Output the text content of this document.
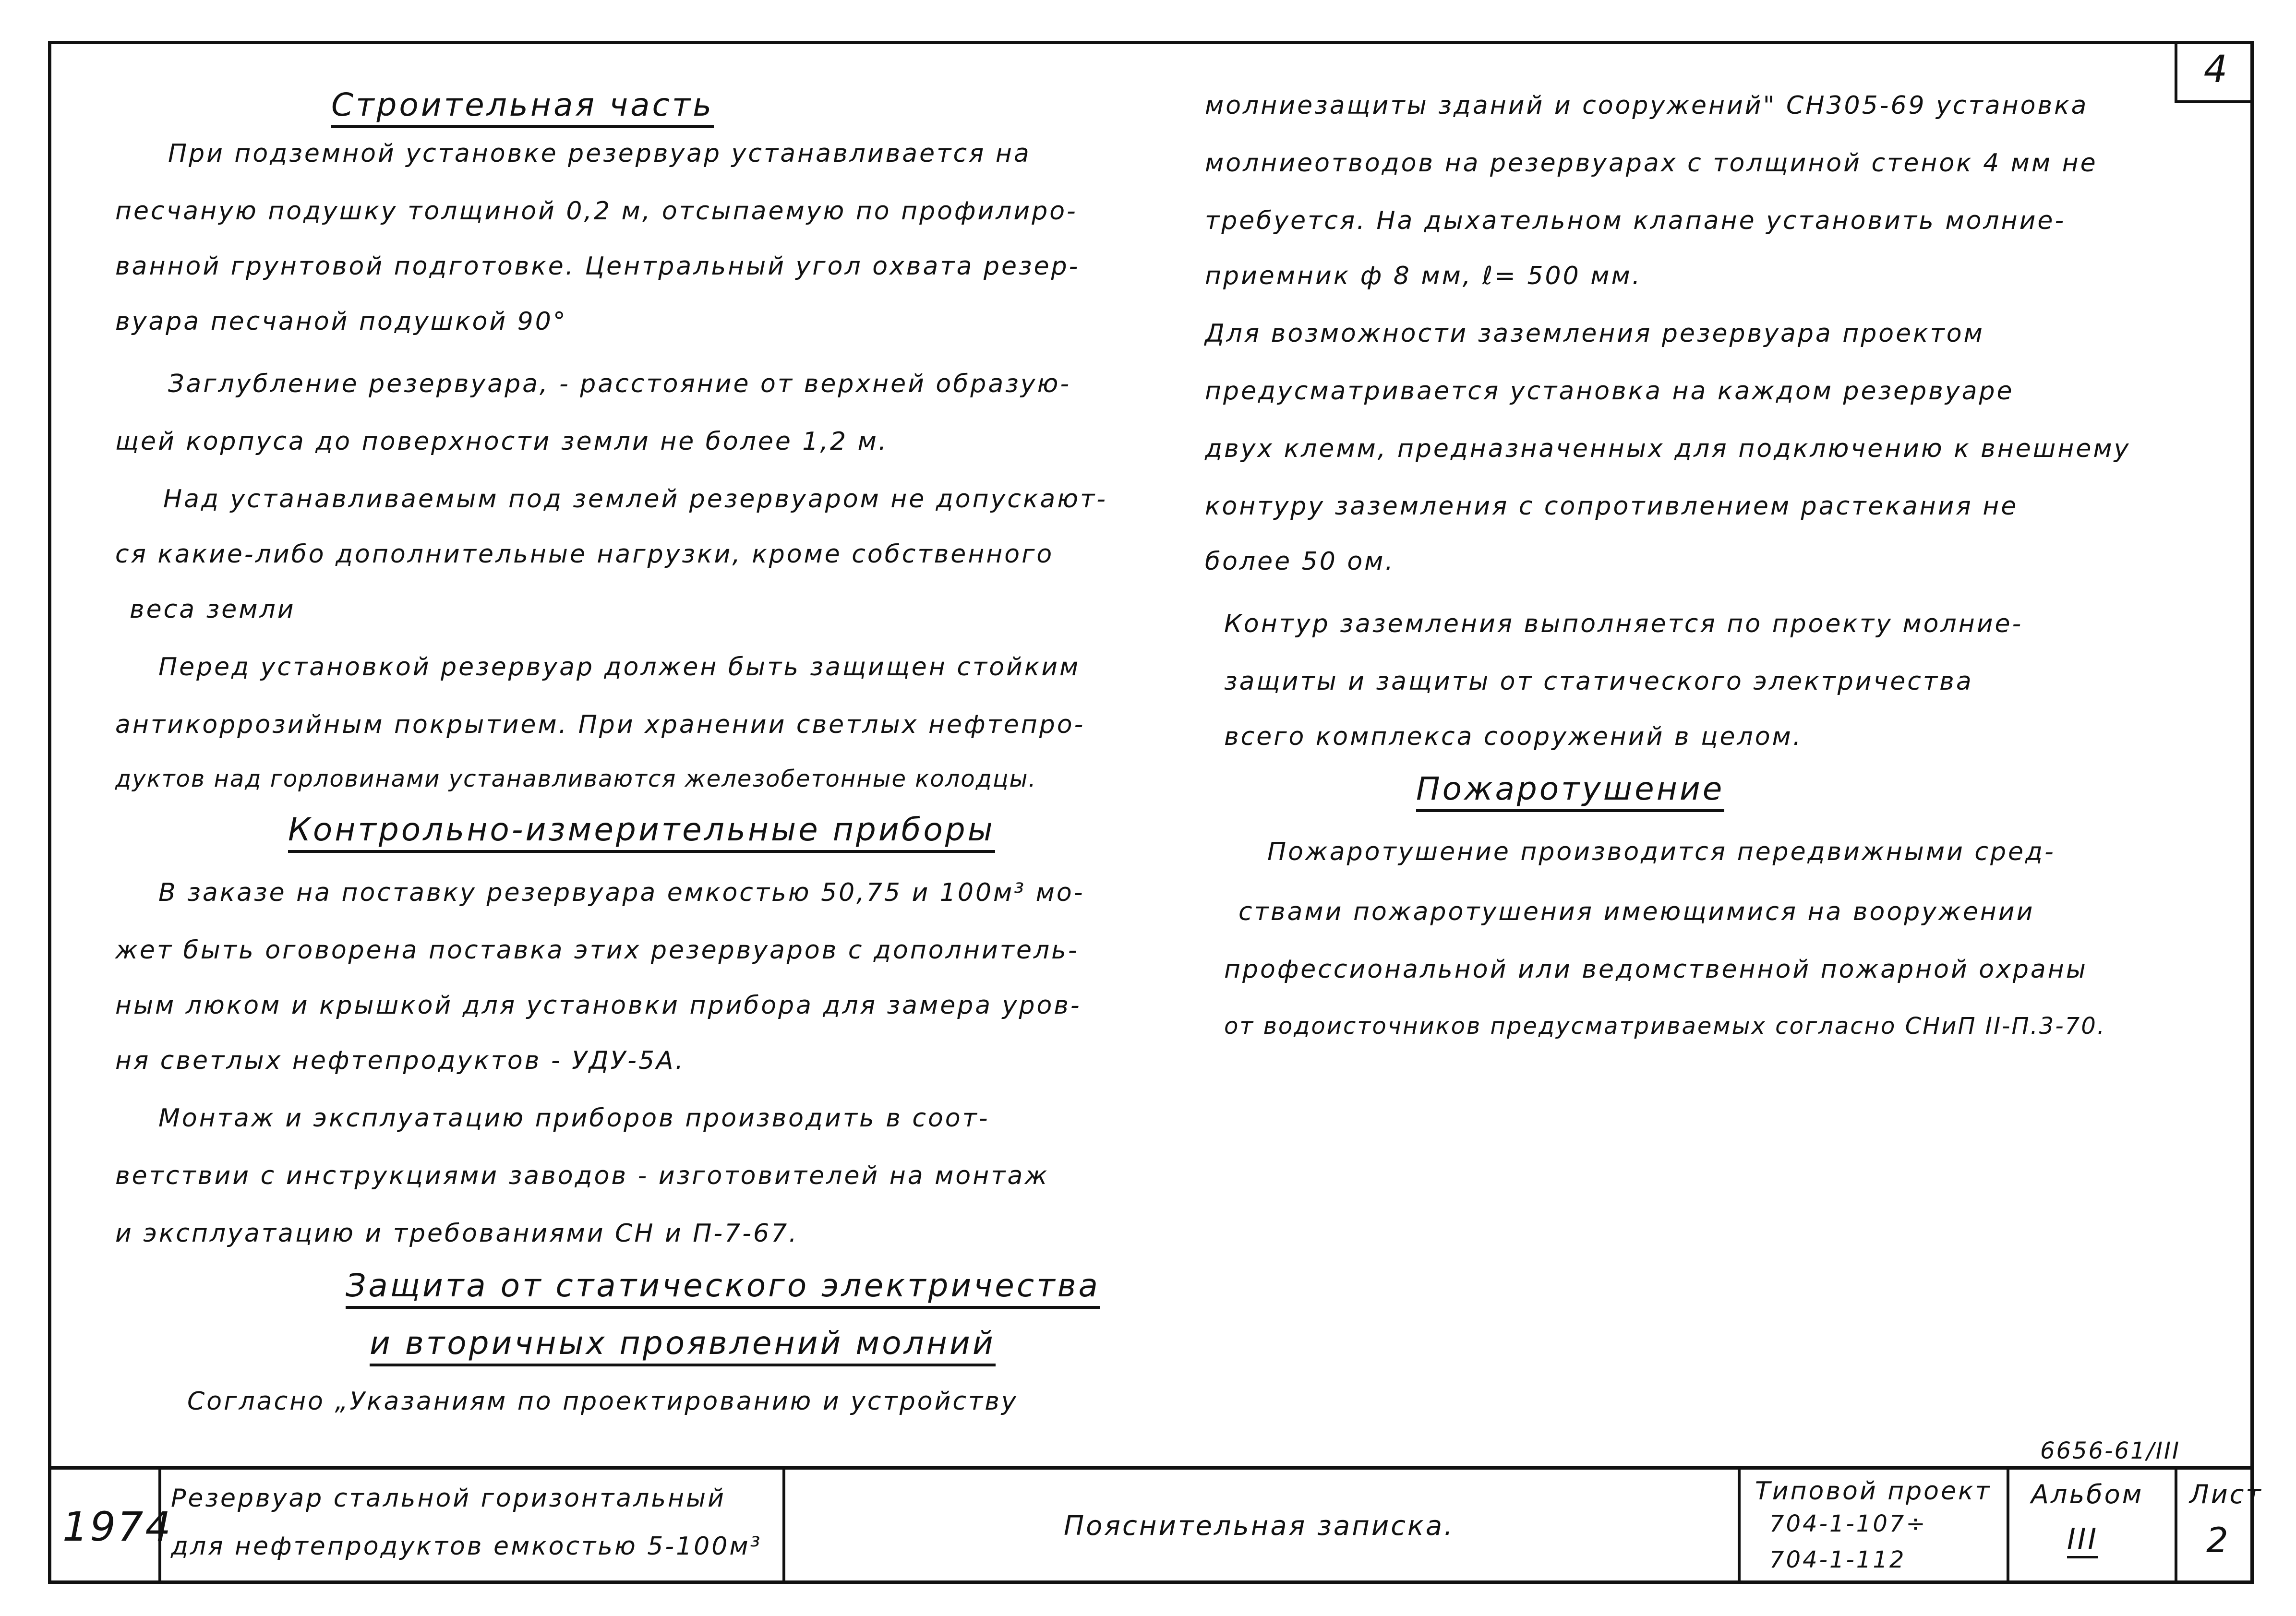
4
Строительная часть
При подземной установке резервуар устанавливается на
песчаную подушку толщиной 0,2 м, отсыпаемую по профилиро-
ванной грунтовой подготовке. Центральный угол охвата резер-
вуара песчаной подушкой 90°
Заглубление резервуара, - расстояние от верхней образую-
щей корпуса до поверхности земли не более 1,2 м.
Над устанавливаемым под землей резервуаром не допускают-
ся какие-либо дополнительные нагрузки, кроме собственного
веса земли
Перед установкой резервуар должен быть защищен стойким
антикоррозийным покрытием. При хранении светлых нефтепро-
дуктов над горловинами устанавливаются железобетонные колодцы.
Контрольно-измерительные приборы
В заказе на поставку резервуара емкостью 50,75 и 100м³ мо-
жет быть оговорена поставка этих резервуаров с дополнитель-
ным люком и крышкой для установки прибора для замера уров-
ня светлых нефтепродуктов - УДУ-5А.
Монтаж и эксплуатацию приборов производить в соот-
ветствии с инструкциями заводов - изготовителей на монтаж
и эксплуатацию и требованиями СН и П-7-67.
Защита от статического электричества
и вторичных проявлений молний
Согласно „Указаниям по проектированию и устройству
молниезащиты зданий и сооружений" СН305-69 установка
молниеотводов на резервуарах с толщиной стенок 4 мм не
требуется. На дыхательном клапане установить молние-
приемник ф 8 мм, ℓ= 500 мм.
Для возможности заземления резервуара проектом
предусматривается установка на каждом резервуаре
двух клемм, предназначенных для подключению к внешнему
контуру заземления с сопротивлением растекания не
более 50 ом.
Контур заземления выполняется по проекту молние-
защиты и защиты от статического электричества
всего комплекса сооружений в целом.
Пожаротушение
Пожаротушение производится передвижными сред-
ствами пожаротушения имеющимися на вооружении
профессиональной или ведомственной пожарной охраны
от водоисточников предусматриваемых согласно СНиП II-П.3-70.
6656-61/III
1974
Резервуар стальной горизонтальный
для нефтепродуктов емкостью 5-100м³
Пояснительная записка.
Типовой проект
704-1-107÷
704-1-112
Альбом
III
Лист
2
